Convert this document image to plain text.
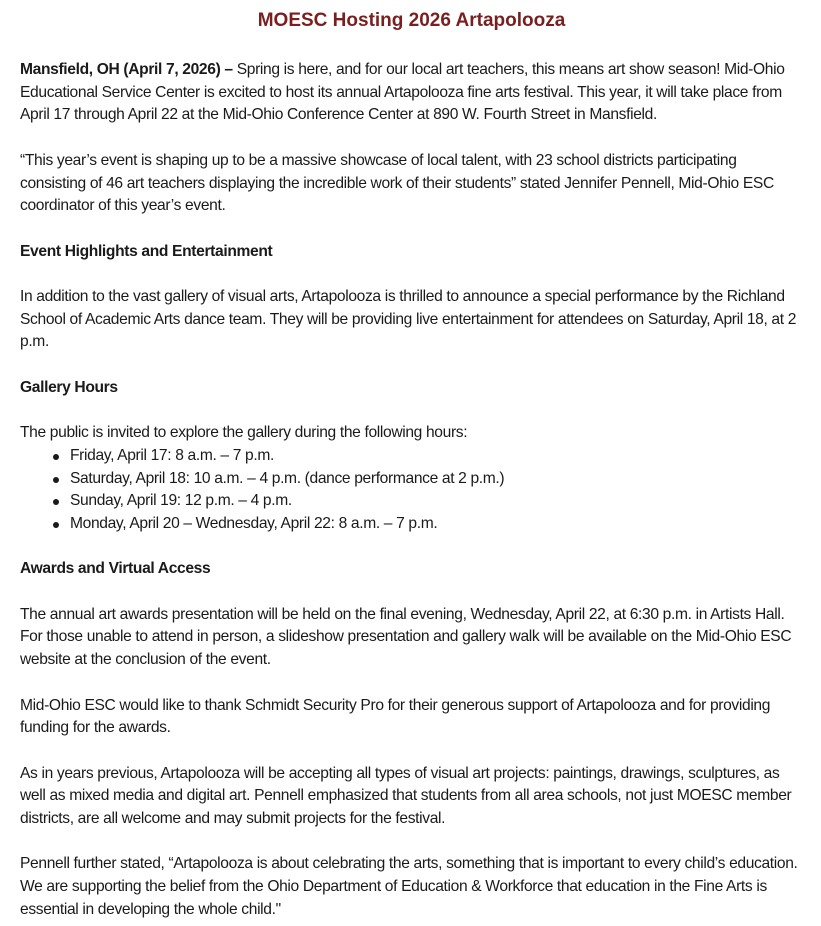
MOESC Hosting 2026 Artapolooza

Mansfield, OH (April 7, 2026) – Spring is here, and for our local art teachers, this means art show season! Mid-Ohio Educational Service Center is excited to host its annual Artapolooza fine arts festival. This year, it will take place from April 17 through April 22 at the Mid-Ohio Conference Center at 890 W. Fourth Street in Mansfield.

“This year’s event is shaping up to be a massive showcase of local talent, with 23 school districts participating consisting of 46 art teachers displaying the incredible work of their students” stated Jennifer Pennell, Mid-Ohio ESC coordinator of this year’s event.

Event Highlights and Entertainment

In addition to the vast gallery of visual arts, Artapolooza is thrilled to announce a special performance by the Richland School of Academic Arts dance team. They will be providing live entertainment for attendees on Saturday, April 18, at 2 p.m.

Gallery Hours

The public is invited to explore the gallery during the following hours:

Friday, April 17: 8 a.m. – 7 p.m.
Saturday, April 18: 10 a.m. – 4 p.m. (dance performance at 2 p.m.)
Sunday, April 19: 12 p.m. – 4 p.m.
Monday, April 20 – Wednesday, April 22: 8 a.m. – 7 p.m.

Awards and Virtual Access

The annual art awards presentation will be held on the final evening, Wednesday, April 22, at 6:30 p.m. in Artists Hall. For those unable to attend in person, a slideshow presentation and gallery walk will be available on the Mid-Ohio ESC website at the conclusion of the event.

Mid-Ohio ESC would like to thank Schmidt Security Pro for their generous support of Artapolooza and for providing funding for the awards.

As in years previous, Artapolooza will be accepting all types of visual art projects: paintings, drawings, sculptures, as well as mixed media and digital art. Pennell emphasized that students from all area schools, not just MOESC member districts, are all welcome and may submit projects for the festival.

Pennell further stated, “Artapolooza is about celebrating the arts, something that is important to every child’s education. We are supporting the belief from the Ohio Department of Education & Workforce that education in the Fine Arts is essential in developing the whole child."
